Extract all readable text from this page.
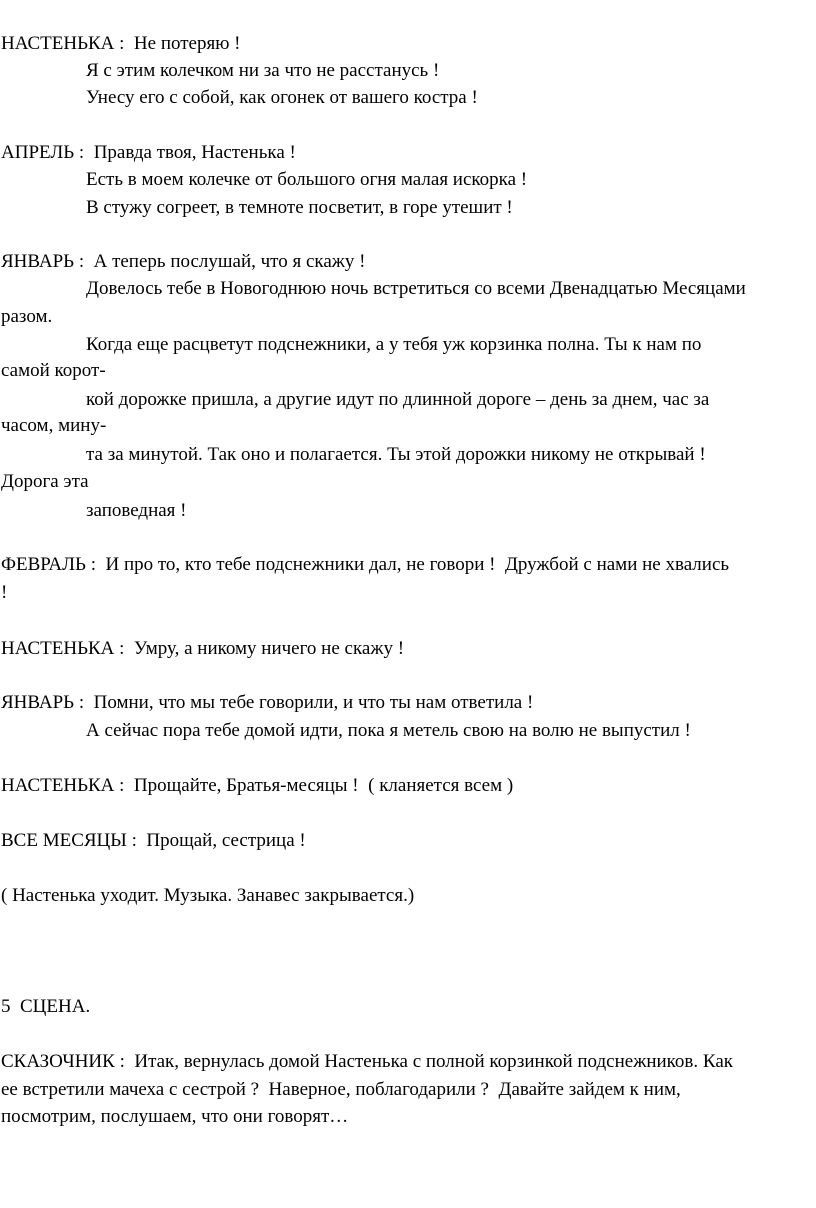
НАСТЕНЬКА :  Не потеряю !
Я с этим колечком ни за что не расстанусь !
Унесу его с собой, как огонек от вашего костра !
АПРЕЛЬ :  Правда твоя, Настенька !
Есть в моем колечке от большого огня малая искорка !
В стужу согреет, в темноте посветит, в горе утешит !
ЯНВАРЬ :  А теперь послушай, что я скажу !
Довелось тебе в Новогоднюю ночь встретиться со всеми Двенадцатью Месяцами
разом.
Когда еще расцветут подснежники, а у тебя уж корзинка полна. Ты к нам по
самой корот-
кой дорожке пришла, а другие идут по длинной дороге – день за днем, час за
часом, мину-
та за минутой. Так оно и полагается. Ты этой дорожки никому не открывай !
Дорога эта
заповедная !
ФЕВРАЛЬ :  И про то, кто тебе подснежники дал, не говори !  Дружбой с нами не хвались
!
НАСТЕНЬКА :  Умру, а никому ничего не скажу !
ЯНВАРЬ :  Помни, что мы тебе говорили, и что ты нам ответила !
А сейчас пора тебе домой идти, пока я метель свою на волю не выпустил !
НАСТЕНЬКА :  Прощайте, Братья-месяцы !  ( кланяется всем )
ВСЕ МЕСЯЦЫ :  Прощай, сестрица !
( Настенька уходит. Музыка. Занавес закрывается.)
5  СЦЕНА.
СКАЗОЧНИК :  Итак, вернулась домой Настенька с полной корзинкой подснежников. Как
ее встретили мачеха с сестрой ?  Наверное, поблагодарили ?  Давайте зайдем к ним,
посмотрим, послушаем, что они говорят…
